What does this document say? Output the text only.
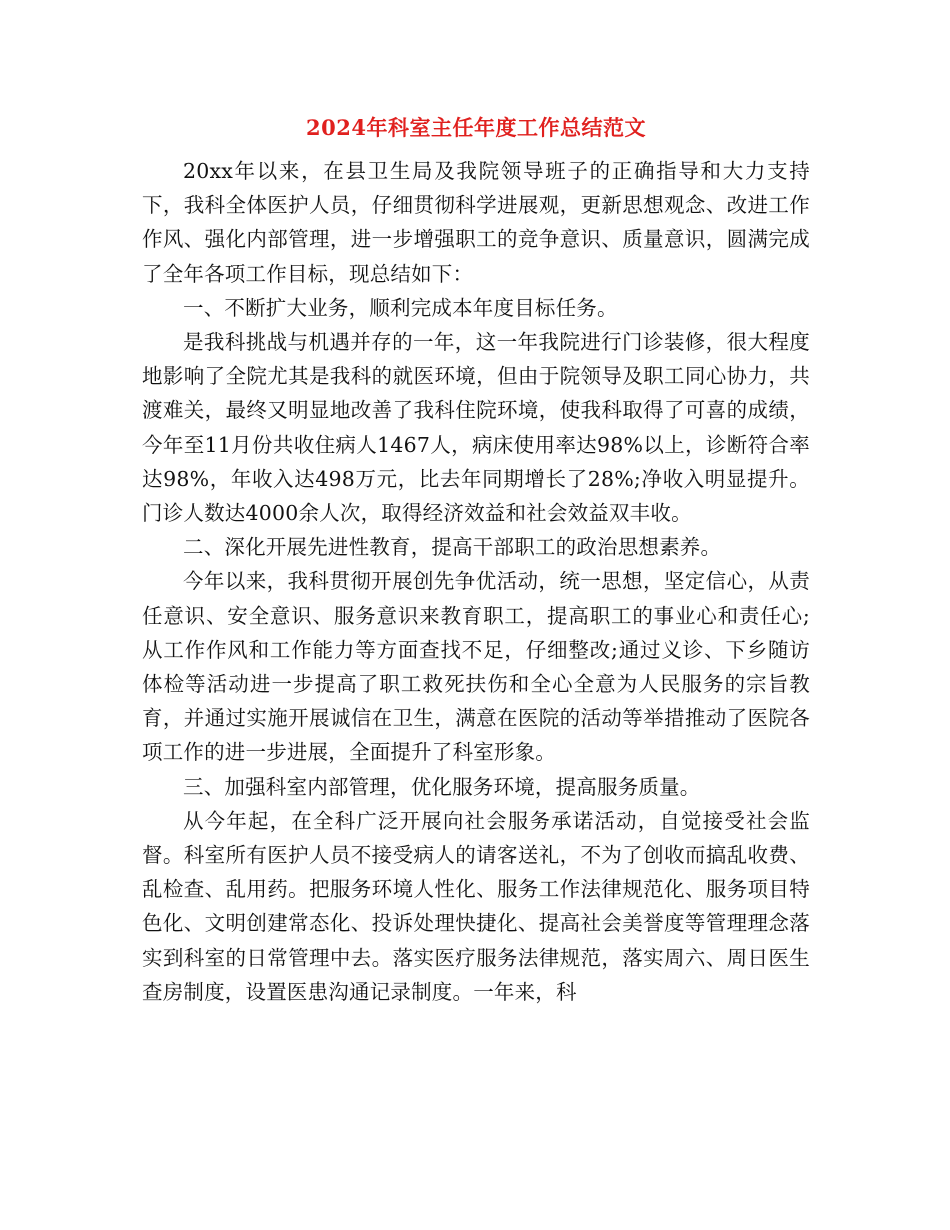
2024年科室主任年度工作总结范文

20xx年以来，在县卫生局及我院领导班子的正确指导和大力支持下，我科全体医护人员，仔细贯彻科学进展观，更新思想观念、改进工作作风、强化内部管理，进一步增强职工的竞争意识、质量意识，圆满完成了全年各项工作目标，现总结如下：

一、不断扩大业务，顺利完成本年度目标任务。

是我科挑战与机遇并存的一年，这一年我院进行门诊装修，很大程度地影响了全院尤其是我科的就医环境，但由于院领导及职工同心协力，共渡难关，最终又明显地改善了我科住院环境，使我科取得了可喜的成绩，今年至11月份共收住病人1467人，病床使用率达98%以上，诊断符合率达98%，年收入达498万元，比去年同期增长了28%;净收入明显提升。门诊人数达4000余人次，取得经济效益和社会效益双丰收。

二、深化开展先进性教育，提高干部职工的政治思想素养。

今年以来，我科贯彻开展创先争优活动，统一思想，坚定信心，从责任意识、安全意识、服务意识来教育职工，提高职工的事业心和责任心;从工作作风和工作能力等方面查找不足，仔细整改;通过义诊、下乡随访体检等活动进一步提高了职工救死扶伤和全心全意为人民服务的宗旨教育，并通过实施开展诚信在卫生，满意在医院的活动等举措推动了医院各项工作的进一步进展，全面提升了科室形象。

三、加强科室内部管理，优化服务环境，提高服务质量。

从今年起，在全科广泛开展向社会服务承诺活动，自觉接受社会监督。科室所有医护人员不接受病人的请客送礼，不为了创收而搞乱收费、乱检查、乱用药。把服务环境人性化、服务工作法律规范化、服务项目特色化、文明创建常态化、投诉处理快捷化、提高社会美誉度等管理理念落实到科室的日常管理中去。落实医疗服务法律规范，落实周六、周日医生查房制度，设置医患沟通记录制度。一年来，科
